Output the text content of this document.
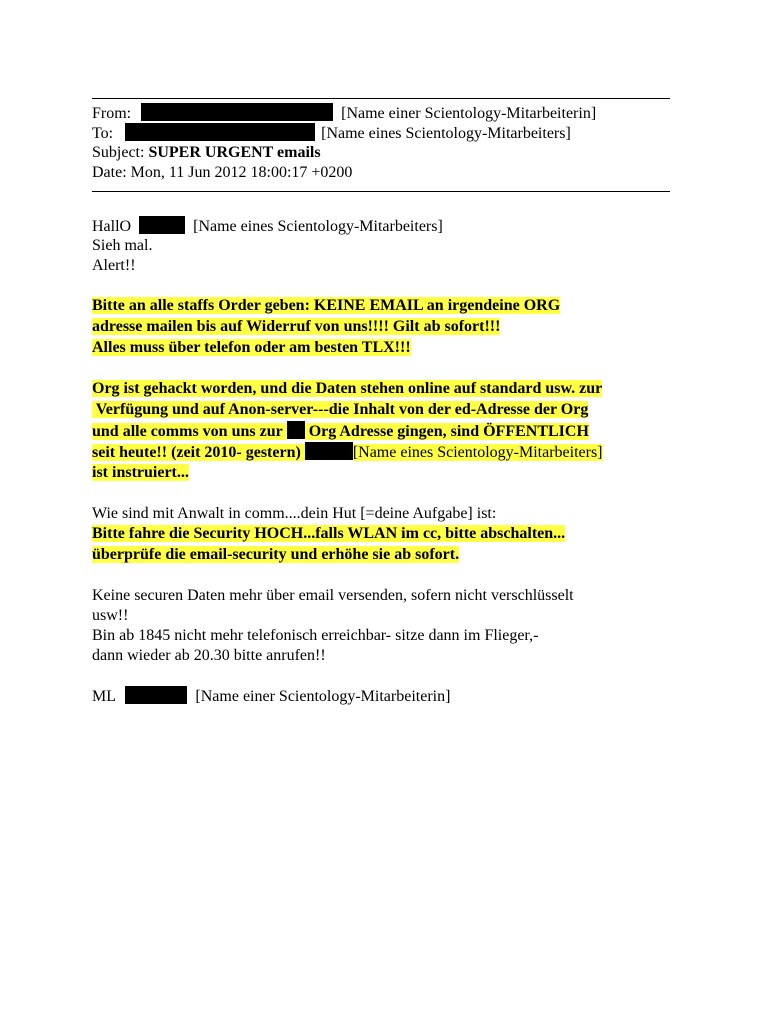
From:	[Name einer Scientology-Mitarbeiterin]
To:	[Name eines Scientology-Mitarbeiters]
Subject: SUPER URGENT emails
Date: Mon, 11 Jun 2012 18:00:17 +0200
HallO	[Name eines Scientology-Mitarbeiters]
Sieh mal.
Alert!!
Bitte an alle staffs Order geben: KEINE EMAIL an irgendeine ORG
adresse mailen bis auf Widerruf von uns!!!! Gilt ab sofort!!!
Alles muss über telefon oder am besten TLX!!!
Org ist gehackt worden, und die Daten stehen online auf standard usw. zur
Verfügung und auf Anon-server---die Inhalt von der ed-Adresse der Org
und alle comms von uns zur Org Adresse gingen, sind ÖFFENTLICH
seit heute!! (zeit 2010- gestern)	[Name eines Scientology-Mitarbeiters]
ist instruiert...
Wie sind mit Anwalt in comm....dein Hut [=deine Aufgabe] ist:
Bitte fahre die Security HOCH...falls WLAN im cc, bitte abschalten...
überprüfe die email-security und erhöhe sie ab sofort.
Keine securen Daten mehr über email versenden, sofern nicht verschlüsselt
usw!!
Bin ab 1845 nicht mehr telefonisch erreichbar- sitze dann im Flieger,-
dann wieder ab 20.30 bitte anrufen!!
ML	[Name einer Scientology-Mitarbeiterin]
